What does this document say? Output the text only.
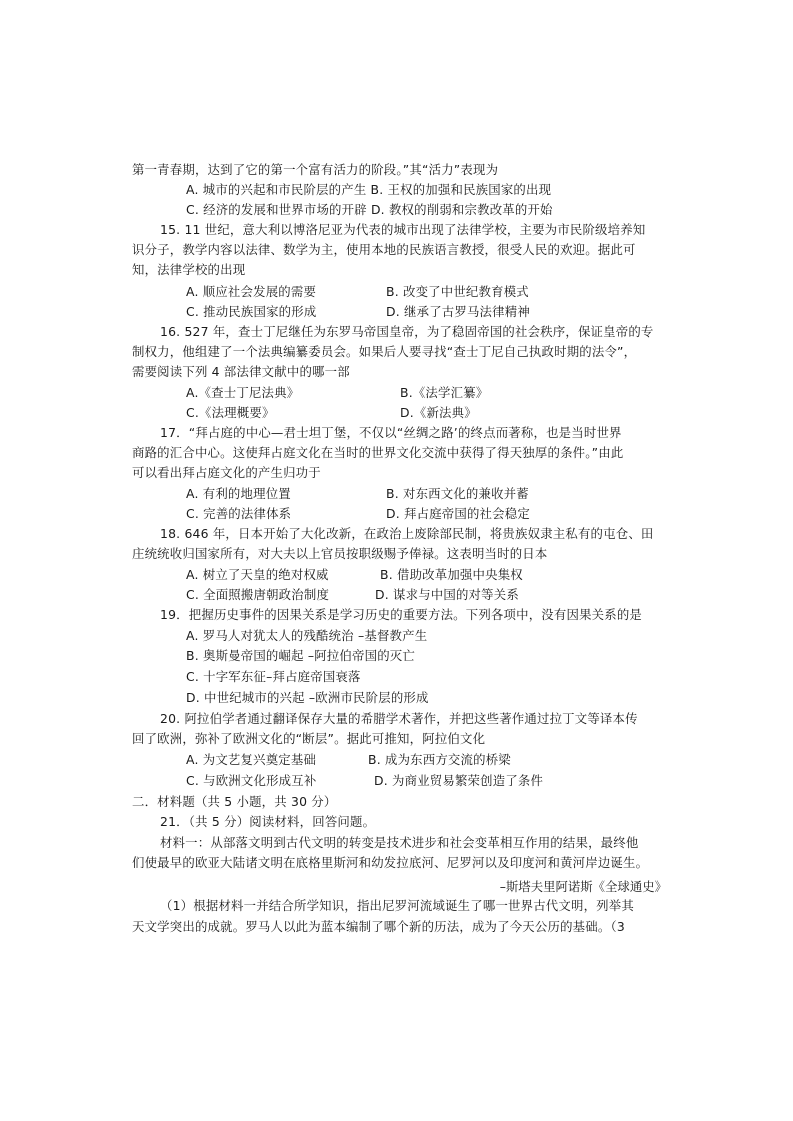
第一青春期，达到了它的第一个富有活力的阶段。”其“活力”表现为
A. 城市的兴起和市民阶层的产生 B. 王权的加强和民族国家的出现
C. 经济的发展和世界市场的开辟 D. 教权的削弱和宗教改革的开始
15. 11 世纪，意大利以博洛尼亚为代表的城市出现了法律学校，主要为市民阶级培养知
识分子，教学内容以法律、数学为主，使用本地的民族语言教授，很受人民的欢迎。据此可
知，法律学校的出现
A. 顺应社会发展的需要	B. 改变了中世纪教育模式
C. 推动民族国家的形成	D. 继承了古罗马法律精神
16. 527 年，查士丁尼继任为东罗马帝国皇帝，为了稳固帝国的社会秩序，保证皇帝的专
制权力，他组建了一个法典编纂委员会。如果后人要寻找“查士丁尼自己执政时期的法令”，
需要阅读下列 4 部法律文献中的哪一部
A.《查士丁尼法典》	B.《法学汇纂》
C.《法理概要》	D.《新法典》
17．“拜占庭的中心—君士坦丁堡，不仅以“丝绸之路’的终点而著称，也是当时世界
商路的汇合中心。这使拜占庭文化在当时的世界文化交流中获得了得天独厚的条件。”由此
可以看出拜占庭文化的产生归功于
A. 有利的地理位置	B. 对东西文化的兼收并蓄
C. 完善的法律体系	D. 拜占庭帝国的社会稳定
18. 646 年，日本开始了大化改新，在政治上废除部民制，将贵族奴隶主私有的屯仓、田
庄统统收归国家所有，对大夫以上官员按职级赐予俸禄。这表明当时的日本
A. 树立了天皇的绝对权威	B. 借助改革加强中央集权
C. 全面照搬唐朝政治制度	D. 谋求与中国的对等关系
19．把握历史事件的因果关系是学习历史的重要方法。下列各项中，没有因果关系的是
A. 罗马人对犹太人的残酷统治 –基督教产生
B. 奥斯曼帝国的崛起 –阿拉伯帝国的灭亡
C. 十字军东征–拜占庭帝国衰落
D. 中世纪城市的兴起 –欧洲市民阶层的形成
20. 阿拉伯学者通过翻译保存大量的希腊学术著作，并把这些著作通过拉丁文等译本传
回了欧洲，弥补了欧洲文化的“断层”。据此可推知，阿拉伯文化
A. 为文艺复兴奠定基础	B. 成为东西方交流的桥梁
C. 与欧洲文化形成互补	D. 为商业贸易繁荣创造了条件
二．材料题（共 5 小题，共 30 分）
21．（共 5 分）阅读材料，回答问题。
材料一：从部落文明到古代文明的转变是技术进步和社会变革相互作用的结果，最终他
们使最早的欧亚大陆诸文明在底格里斯河和幼发拉底河、尼罗河以及印度河和黄河岸边诞生。
–斯塔夫里阿诺斯《全球通史》
（1）根据材料一并结合所学知识，指出尼罗河流域诞生了哪一世界古代文明，列举其
天文学突出的成就。罗马人以此为蓝本编制了哪个新的历法，成为了今天公历的基础。（3
